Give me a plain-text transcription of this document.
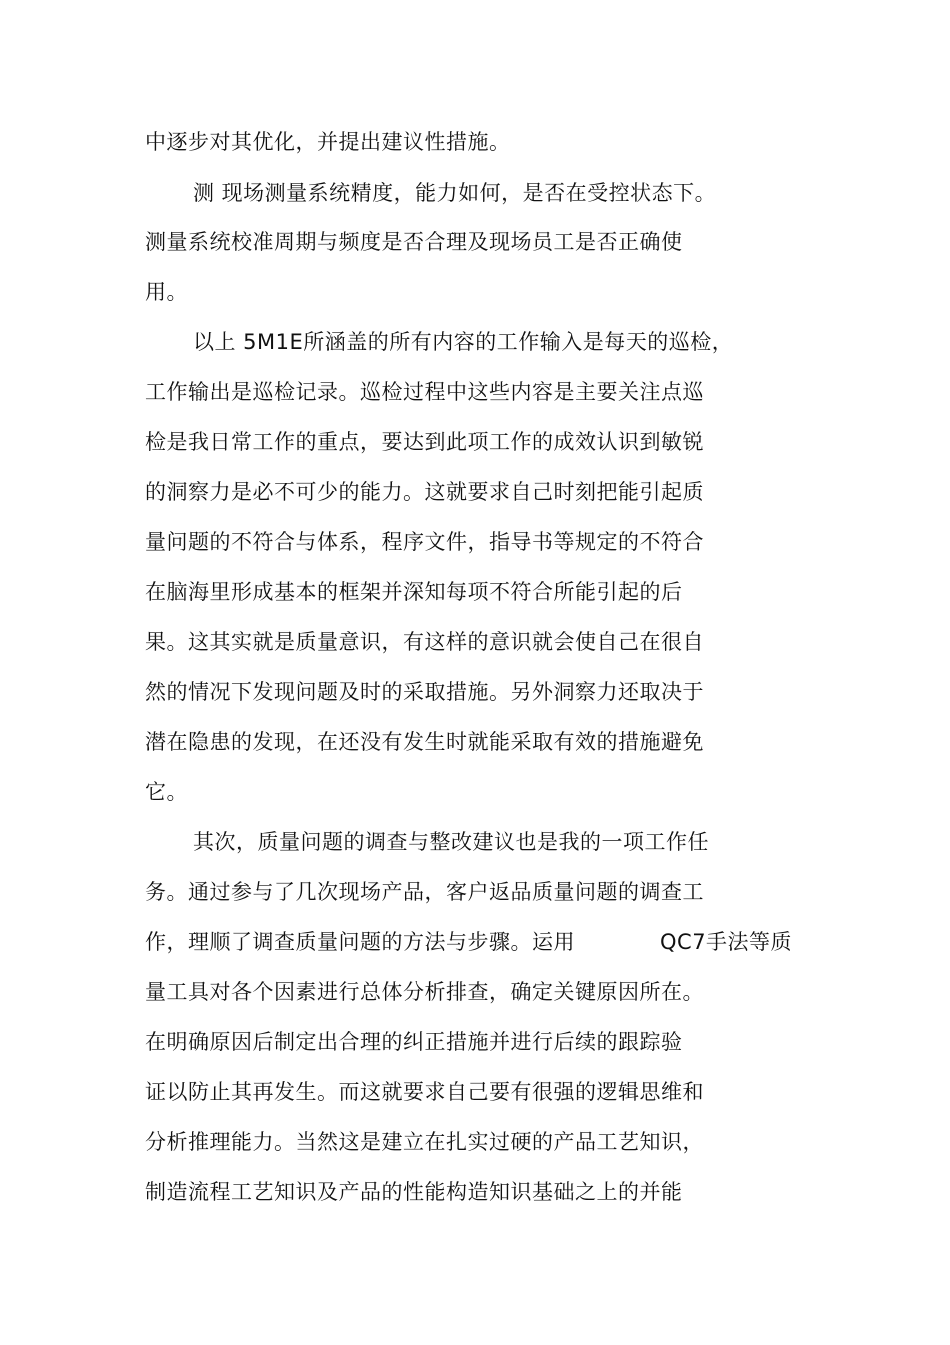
中逐步对其优化，并提出建议性措施。
测 现场测量系统精度，能力如何，是否在受控状态下。
测量系统校准周期与频度是否合理及现场员工是否正确使
用。
以上 5M1E所涵盖的所有内容的工作输入是每天的巡检，
工作输出是巡检记录。巡检过程中这些内容是主要关注点巡
检是我日常工作的重点，要达到此项工作的成效认识到敏锐
的洞察力是必不可少的能力。这就要求自己时刻把能引起质
量问题的不符合与体系，程序文件，指导书等规定的不符合
在脑海里形成基本的框架并深知每项不符合所能引起的后
果。这其实就是质量意识，有这样的意识就会使自己在很自
然的情况下发现问题及时的采取措施。另外洞察力还取决于
潜在隐患的发现，在还没有发生时就能采取有效的措施避免
它。
其次，质量问题的调查与整改建议也是我的一项工作任
务。通过参与了几次现场产品，客户返品质量问题的调查工
作，理顺了调查质量问题的方法与步骤。运用	QC7手法等质
量工具对各个因素进行总体分析排查，确定关键原因所在。
在明确原因后制定出合理的纠正措施并进行后续的跟踪验
证以防止其再发生。而这就要求自己要有很强的逻辑思维和
分析推理能力。当然这是建立在扎实过硬的产品工艺知识，
制造流程工艺知识及产品的性能构造知识基础之上的并能
